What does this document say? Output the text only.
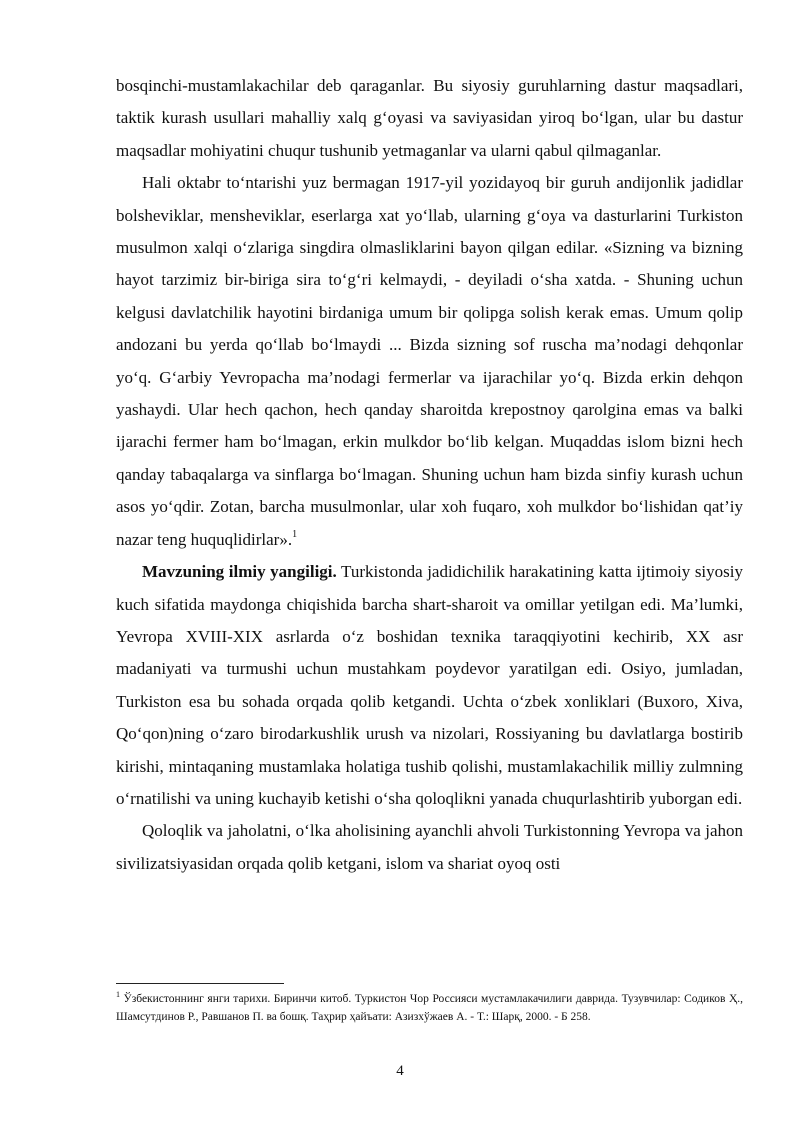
bosqinchi-mustamlakachilar deb qaraganlar. Bu siyosiy guruhlarning dastur maqsadlari, taktik kurash usullari mahalliy xalq g‘oyasi va saviyasidan yiroq bo‘lgan, ular bu dastur maqsadlar mohiyatini chuqur tushunib yetmaganlar va ularni qabul qilmaganlar.

Hali oktabr to‘ntarishi yuz bermagan 1917-yil yozidayoq bir guruh andijonlik jadidlar bolsheviklar, mensheviklar, eserlarga xat yo‘llab, ularning g‘oya va dasturlarini Turkiston musulmon xalqi o‘zlariga singdira olmasliklarini bayon qilgan edilar. «Sizning va bizning hayot tarzimiz bir-biriga sira to‘g‘ri kelmaydi, - deyiladi o‘sha xatda. - Shuning uchun kelgusi davlatchilik hayotini birdaniga umum bir qolipga solish kerak emas. Umum qolip andozani bu yerda qo‘llab bo‘lmaydi ... Bizda sizning sof ruscha ma’nodagi dehqonlar yo‘q. G‘arbiy Yevropacha ma’nodagi fermerlar va ijarachilar yo‘q. Bizda erkin dehqon yashaydi. Ular hech qachon, hech qanday sharoitda krepostnoy qarolgina emas va balki ijarachi fermer ham bo‘lmagan, erkin mulkdor bo‘lib kelgan. Muqaddas islom bizni hech qanday tabaqalarga va sinflarga bo‘lmagan. Shuning uchun ham bizda sinfiy kurash uchun asos yo‘qdir. Zotan, barcha musulmonlar, ular xoh fuqaro, xoh mulkdor bo‘lishidan qat’iy nazar teng huquqlidirlar».$^1$

Mavzuning ilmiy yangiligi. Turkistonda jadidichilik harakatining katta ijtimoiy siyosiy kuch sifatida maydonga chiqishida barcha shart-sharoit va omillar yetilgan edi. Ma’lumki, Yevropa XVIII-XIX asrlarda o‘z boshidan texnika taraqqiyotini kechirib, XX asr madaniyati va turmushi uchun mustahkam poydevor yaratilgan edi. Osiyo, jumladan, Turkiston esa bu sohada orqada qolib ketgandi. Uchta o‘zbek xonliklari (Buxoro, Xiva, Qo‘qon)ning o‘zaro birodarkushlik urush va nizolari, Rossiyaning bu davlatlarga bostirib kirishi, mintaqaning mustamlaka holatiga tushib qolishi, mustamlakachilik milliy zulmning o‘rnatilishi va uning kuchayib ketishi o‘sha qoloqlikni yanada chuqurlashtirib yuborgan edi.

Qoloqlik va jaholatni, o‘lka aholisining ayanchli ahvoli Turkistonning Yevropa va jahon sivilizatsiyasidan orqada qolib ketgani, islom va shariat oyoq osti

$^1$ Ўзбекистоннинг янги тарихи. Биринчи китоб. Туркистон Чор Россияси мустамлакачилиги даврида. Тузувчилар: Содиков Ҳ., Шамсутдинов Р., Равшанов П. ва бошқ. Таҳрир ҳайъати: Азизхўжаев А. - Т.: Шарқ, 2000. - Б 258.

4
